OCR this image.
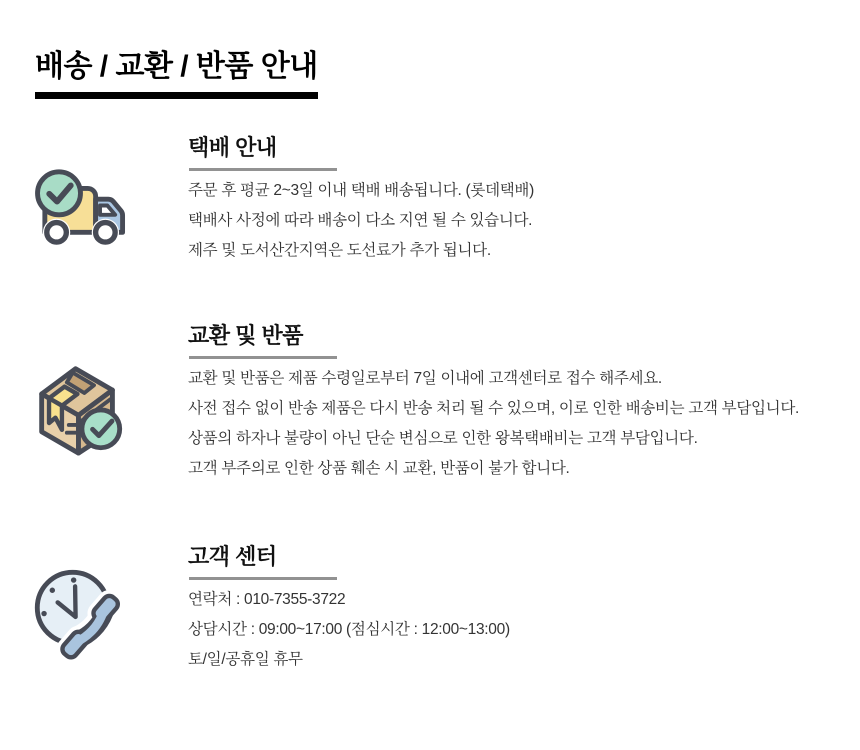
배송 / 교환 / 반품 안내
택배 안내

주문 후 평균 2~3일 이내 택배 배송됩니다. (롯데택배)

택배사 사정에 따라 배송이 다소 지연 될 수 있습니다.

제주 및 도서산간지역은 도선료가 추가 됩니다.

교환 및 반품

교환 및 반품은 제품 수령일로부터 7일 이내에 고객센터로 접수 해주세요.

사전 접수 없이 반송 제품은 다시 반송 처리 될 수 있으며, 이로 인한 배송비는 고객 부담입니다.

상품의 하자나 불량이 아닌 단순 변심으로 인한 왕복택배비는 고객 부담입니다.

고객 부주의로 인한 상품 훼손 시 교환, 반품이 불가 합니다.

고객 센터

연락처 : 010-7355-3722

상담시간 : 09:00~17:00 (점심시간 : 12:00~13:00)

토/일/공휴일 휴무
